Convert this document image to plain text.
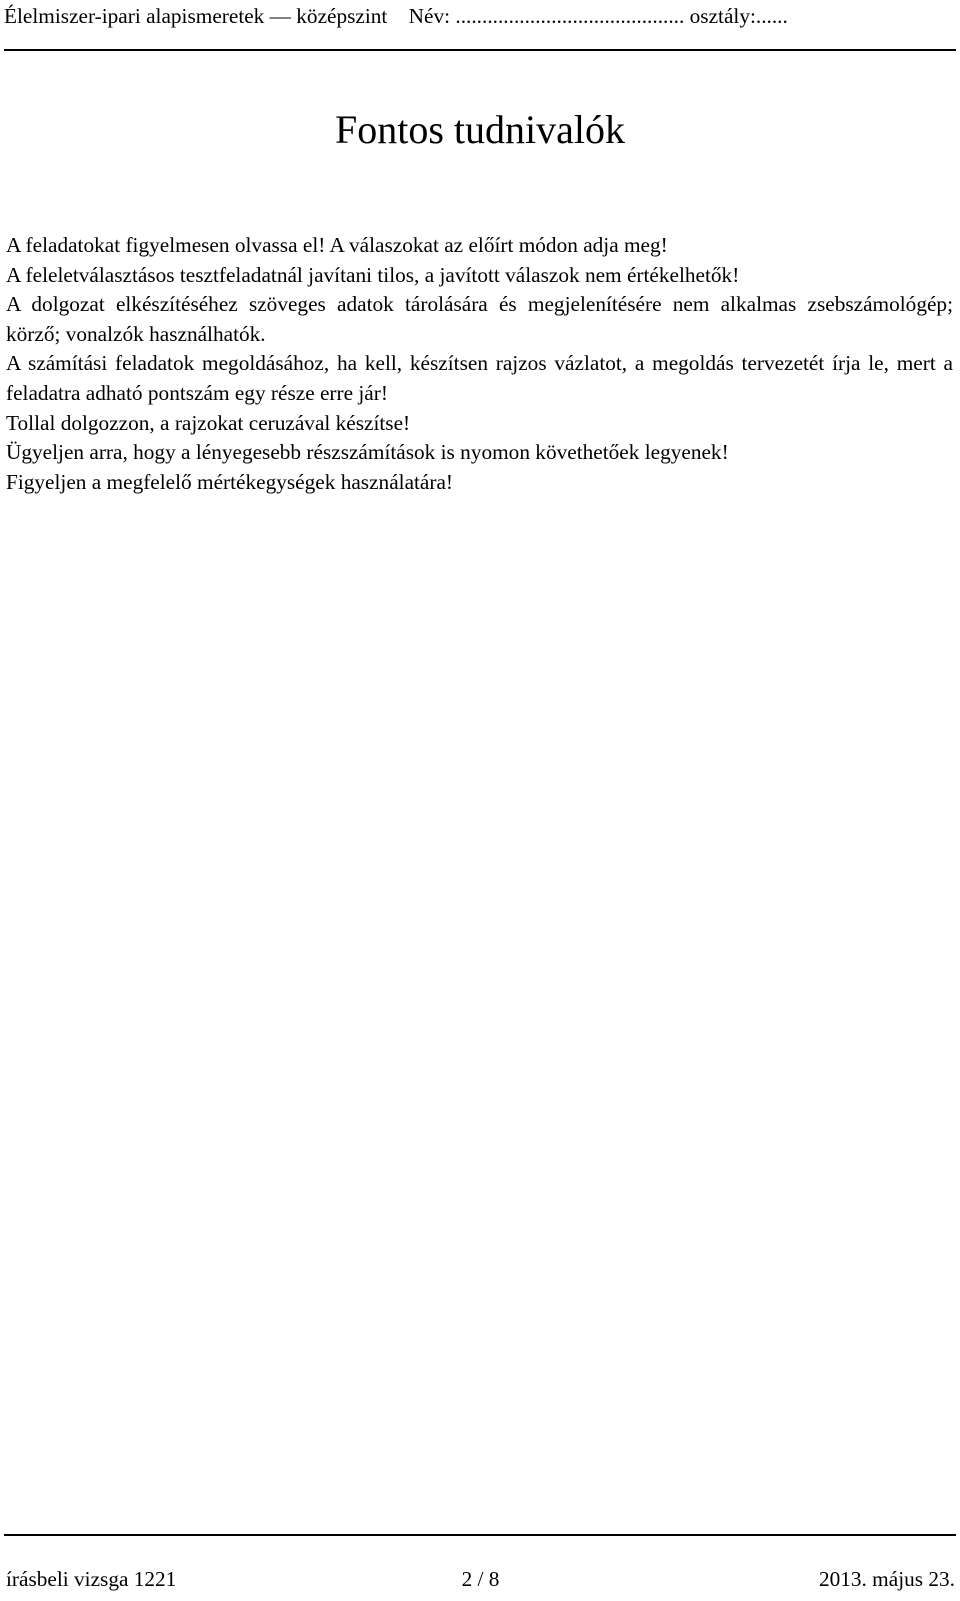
Élelmiszer-ipari alapismeretek — középszint    Név: ........................................... osztály:......
Fontos tudnivalók

A feladatokat figyelmesen olvassa el! A válaszokat az előírt módon adja meg!

A feleletválasztásos tesztfeladatnál javítani tilos, a javított válaszok nem értékelhetők!

A dolgozat elkészítéséhez szöveges adatok tárolására és megjelenítésére nem alkalmas zsebszámológép; körző; vonalzók használhatók.

A számítási feladatok megoldásához, ha kell, készítsen rajzos vázlatot, a megoldás tervezetét írja le, mert a feladatra adható pontszám egy része erre jár!

Tollal dolgozzon, a rajzokat ceruzával készítse!

Ügyeljen arra, hogy a lényegesebb részszámítások is nyomon követhetőek legyenek!

Figyeljen a megfelelő mértékegységek használatára!

írásbeli vizsga 1221	2 / 8	2013. május 23.
